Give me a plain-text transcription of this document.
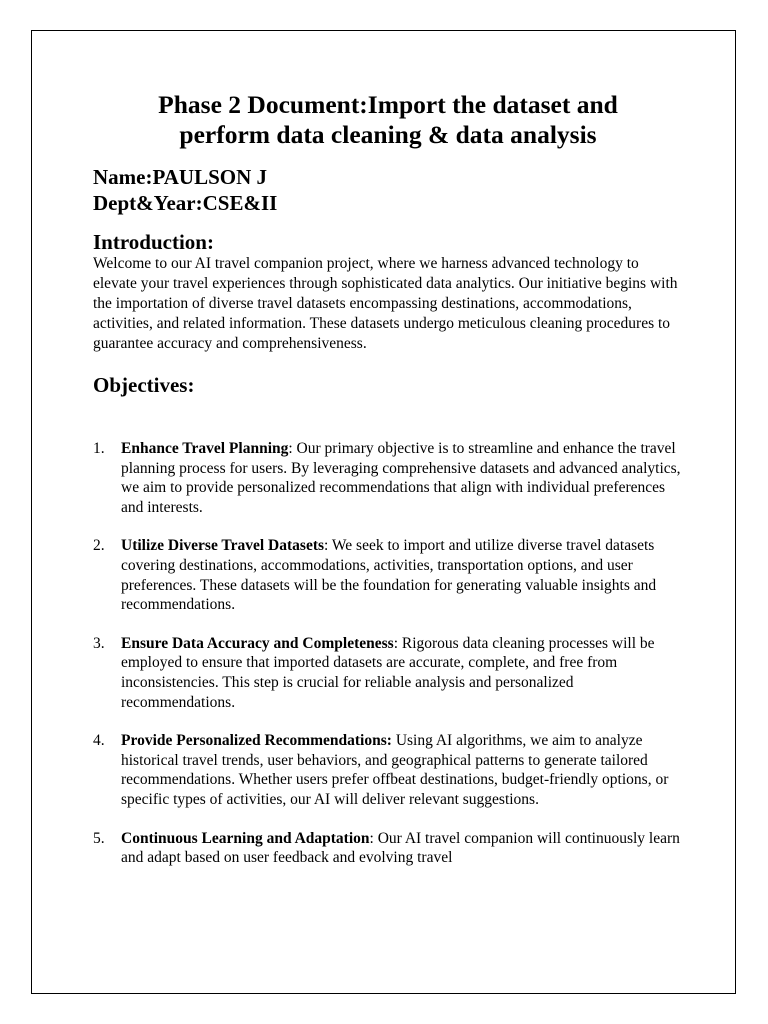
Phase 2 Document:Import the dataset and
perform data cleaning & data analysis
Name:PAULSON J
Dept&Year:CSE&II
Introduction:

Welcome to our AI travel companion project, where we harness advanced technology to elevate your travel experiences through sophisticated data analytics. Our initiative begins with the importation of diverse travel datasets encompassing destinations, accommodations, activities, and related information. These datasets undergo meticulous cleaning procedures to guarantee accuracy and comprehensiveness.

Objectives:
1. Enhance Travel Planning: Our primary objective is to streamline and enhance the travel planning process for users. By leveraging comprehensive datasets and advanced analytics, we aim to provide personalized recommendations that align with individual preferences and interests.
2. Utilize Diverse Travel Datasets: We seek to import and utilize diverse travel datasets covering destinations, accommodations, activities, transportation options, and user preferences. These datasets will be the foundation for generating valuable insights and recommendations.
3. Ensure Data Accuracy and Completeness: Rigorous data cleaning processes will be employed to ensure that imported datasets are accurate, complete, and free from inconsistencies. This step is crucial for reliable analysis and personalized recommendations.
4. Provide Personalized Recommendations: Using AI algorithms, we aim to analyze historical travel trends, user behaviors, and geographical patterns to generate tailored recommendations. Whether users prefer offbeat destinations, budget-friendly options, or specific types of activities, our AI will deliver relevant suggestions.
5. Continuous Learning and Adaptation: Our AI travel companion will continuously learn and adapt based on user feedback and evolving travel
